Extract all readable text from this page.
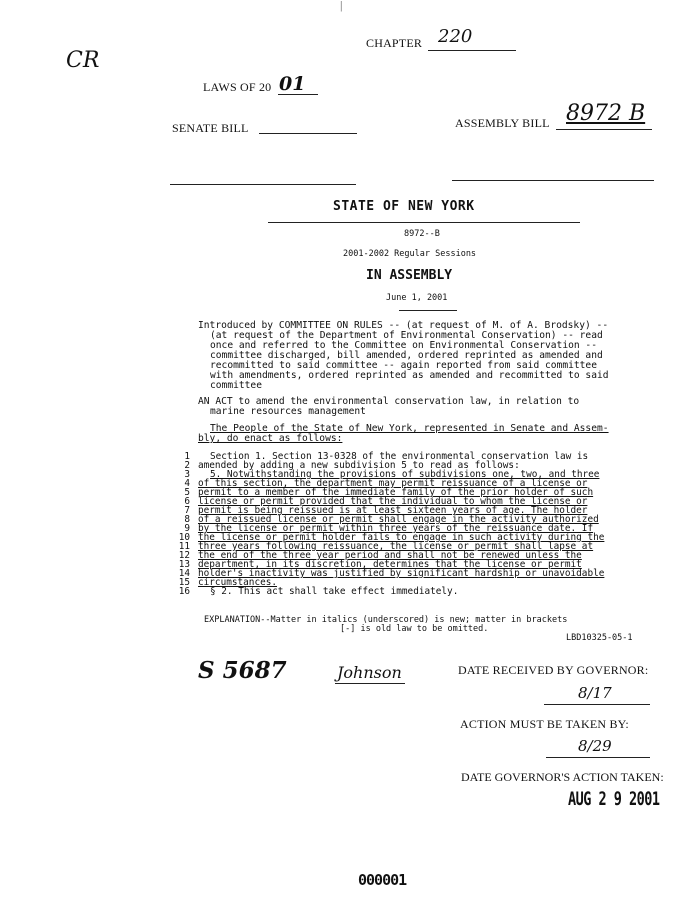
|
CR
CHAPTER 220
LAWS OF 20 01
SENATE BILL	ASSEMBLY BILL 8972 B
STATE OF NEW YORK
8972--B
2001-2002 Regular Sessions
IN ASSEMBLY
June 1, 2001
Introduced by COMMITTEE ON RULES -- (at request of M. of A. Brodsky) --
(at request of the Department of Environmental Conservation) -- read
once and referred to the Committee on Environmental Conservation --
committee discharged, bill amended, ordered reprinted as amended and
recommitted to said committee -- again reported from said committee
with amendments, ordered reprinted as amended and recommitted to said
committee
AN ACT to amend the environmental conservation law, in relation to
marine resources management
The People of the State of New York, represented in Senate and Assem-
bly, do enact as follows:
1 Section 1. Section 13-0328 of the environmental conservation law is
2 amended by adding a new subdivision 5 to read as follows:
3 5. Notwithstanding the provisions of subdivisions one, two, and three
4 of this section, the department may permit reissuance of a license or
5 permit to a member of the immediate family of the prior holder of such
6 license or permit provided that the individual to whom the license or
7 permit is being reissued is at least sixteen years of age. The holder
8 of a reissued license or permit shall engage in the activity authorized
9 by the license or permit within three years of the reissuance date. If
10 the license or permit holder fails to engage in such activity during the
11 three years following reissuance, the license or permit shall lapse at
12 the end of the three year period and shall not be renewed unless the
13 department, in its discretion, determines that the license or permit
14 holder's inactivity was justified by significant hardship or unavoidable
15 circumstances.
16 § 2. This act shall take effect immediately.
EXPLANATION--Matter in italics (underscored) is new; matter in brackets
[-] is old law to be omitted.
LBD10325-05-1
S 5687	Johnson	DATE RECEIVED BY GOVERNOR:
8/17
ACTION MUST BE TAKEN BY:
8/29
DATE GOVERNOR'S ACTION TAKEN:
AUG 2 9 2001
000001
